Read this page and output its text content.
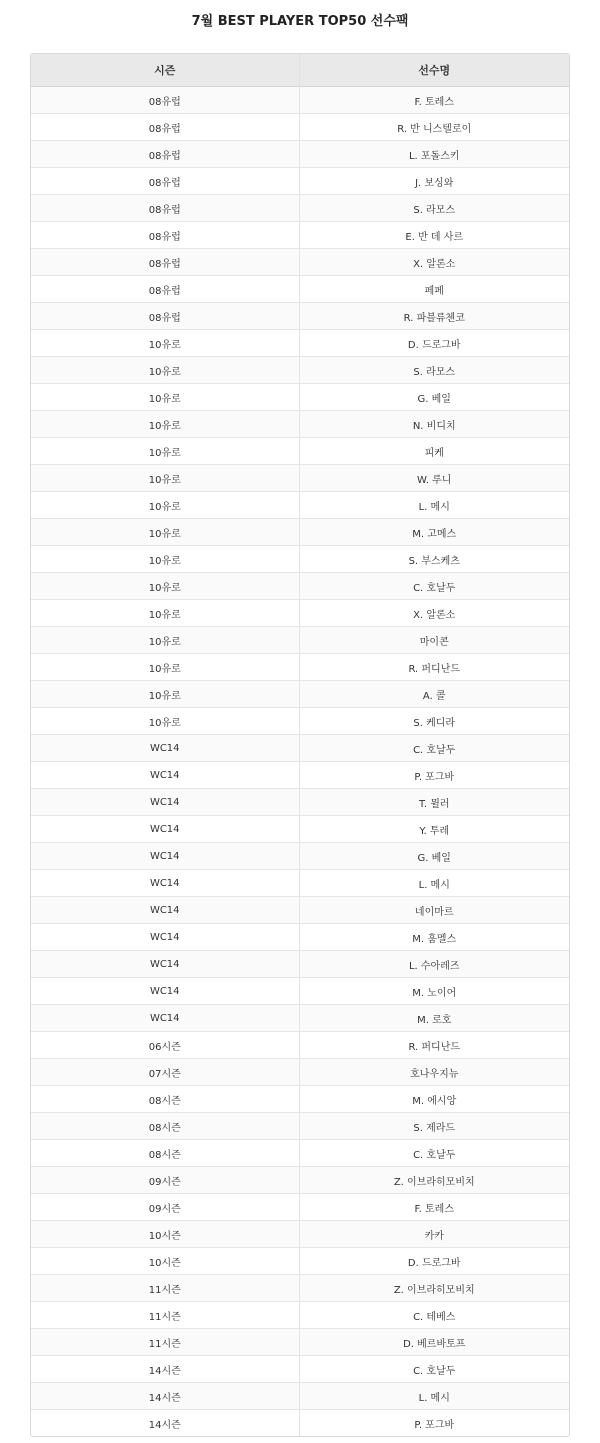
7월 BEST PLAYER TOP50 선수팩
시즌	선수명
08유럽	F. 토레스
08유럽	R. 반 니스텔로이
08유럽	L. 포돌스키
08유럽	J. 보싱와
08유럽	S. 라모스
08유럽	E. 반 데 사르
08유럽	X. 알론소
08유럽	페페
08유럽	R. 파블류첸코
10유로	D. 드로그바
10유로	S. 라모스
10유로	G. 베일
10유로	N. 비디치
10유로	피케
10유로	W. 루니
10유로	L. 메시
10유로	M. 고메스
10유로	S. 부스케츠
10유로	C. 호날두
10유로	X. 알론소
10유로	마이콘
10유로	R. 퍼디난드
10유로	A. 콜
10유로	S. 케디라
WC14	C. 호날두
WC14	P. 포그바
WC14	T. 뮐러
WC14	Y. 투레
WC14	G. 베일
WC14	L. 메시
WC14	네이마르
WC14	M. 훔멜스
WC14	L. 수아레즈
WC14	M. 노이어
WC14	M. 로호
06시즌	R. 퍼디난드
07시즌	호나우지뉴
08시즌	M. 에시앙
08시즌	S. 제라드
08시즌	C. 호날두
09시즌	Z. 이브라히모비치
09시즌	F. 토레스
10시즌	카카
10시즌	D. 드로그바
11시즌	Z. 이브라히모비치
11시즌	C. 테베스
11시즌	D. 베르바토프
14시즌	C. 호날두
14시즌	L. 메시
14시즌	P. 포그바
